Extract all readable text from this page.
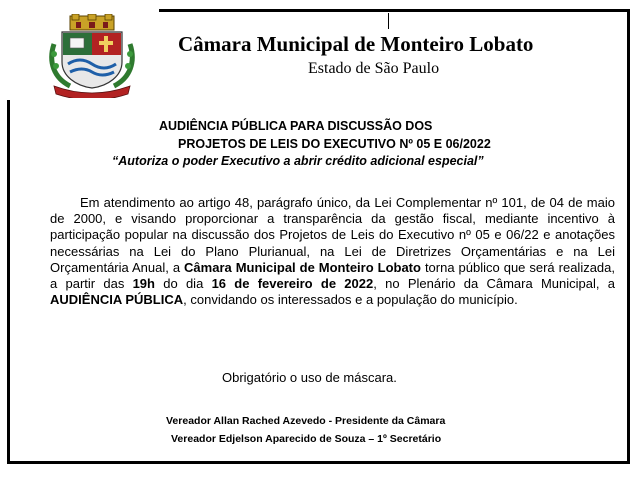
Câmara Municipal de Monteiro Lobato
Estado de São Paulo
AUDIÊNCIA PÚBLICA PARA DISCUSSÃO DOS
PROJETOS DE LEIS DO EXECUTIVO Nº 05 E 06/2022
“Autoriza o poder Executivo a abrir crédito adicional especial”
Em atendimento ao artigo 48, parágrafo único, da Lei Complementar nº 101, de 04 de maio de 2000, e visando proporcionar a transparência da gestão fiscal, mediante incentivo à participação popular na discussão dos Projetos de Leis do Executivo nº 05 e 06/22 e anotações necessárias na Lei do Plano Plurianual, na Lei de Diretrizes Orçamentárias e na Lei Orçamentária Anual, a Câmara Municipal de Monteiro Lobato torna público que será realizada, a partir das 19h do dia 16 de fevereiro de 2022, no Plenário da Câmara Municipal, a AUDIÊNCIA PÚBLICA, convidando os interessados e a população do município.
Obrigatório o uso de máscara.
Vereador Allan Rached Azevedo - Presidente da Câmara
Vereador Edjelson Aparecido de Souza – 1º Secretário
